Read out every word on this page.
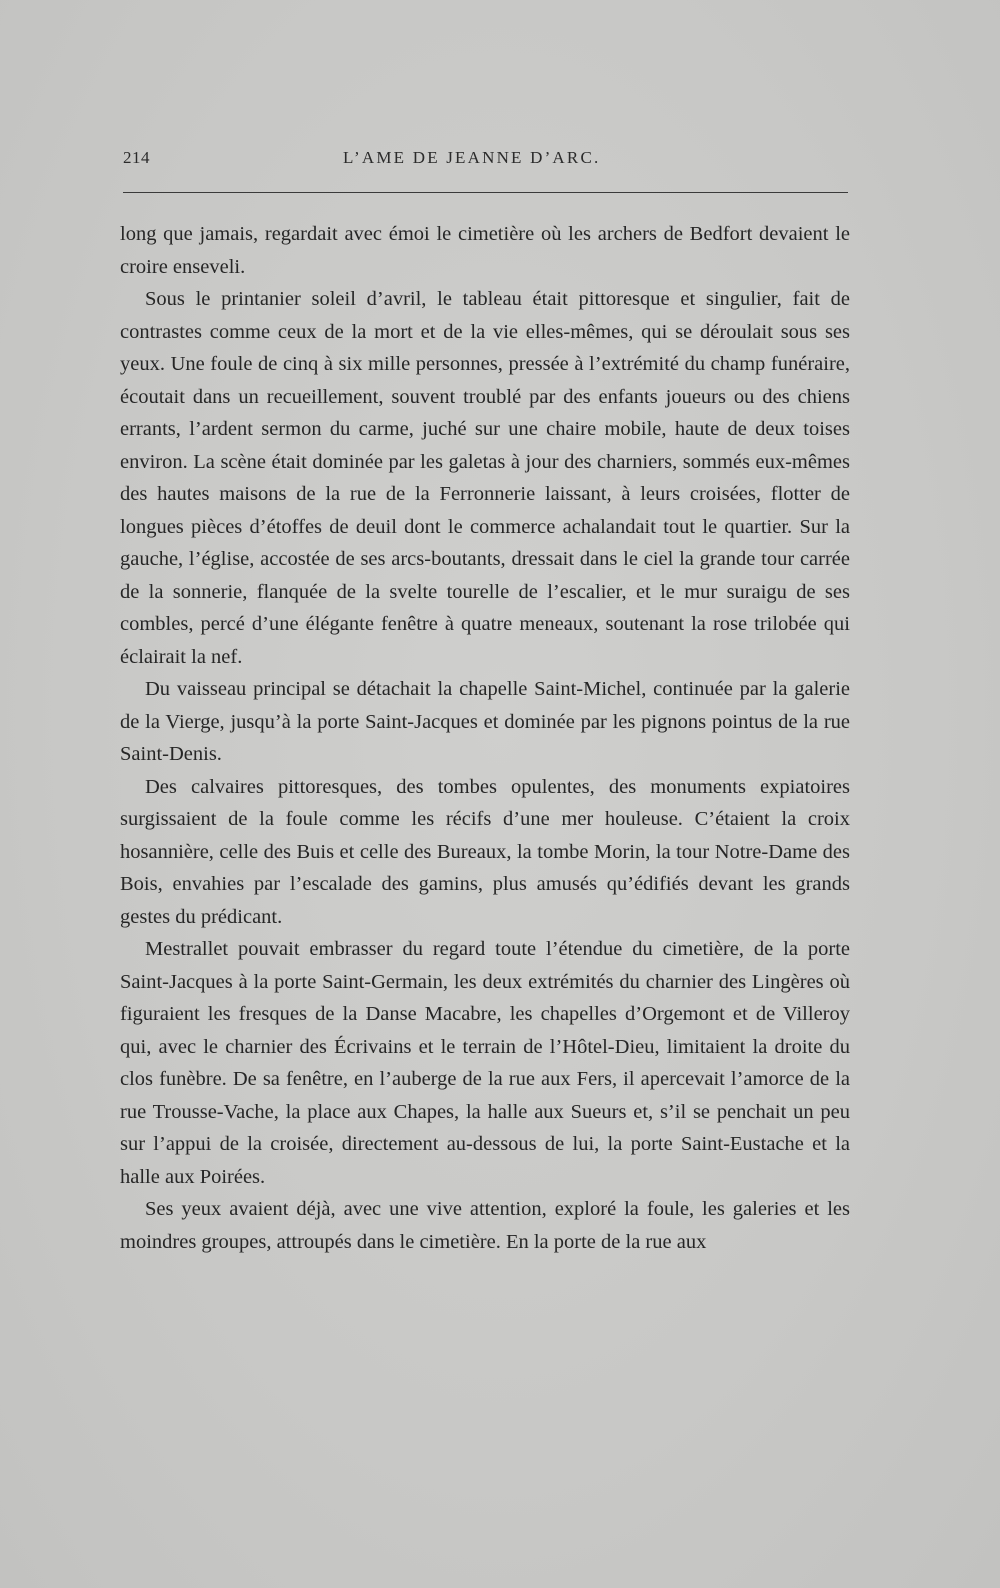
214	L’AME DE JEANNE D’ARC.

long que jamais, regardait avec émoi le cimetière où les archers de Bedfort devaient le croire enseveli.

Sous le printanier soleil d’avril, le tableau était pittoresque et singulier, fait de contrastes comme ceux de la mort et de la vie elles-mêmes, qui se déroulait sous ses yeux. Une foule de cinq à six mille personnes, pressée à l’extrémité du champ funéraire, écoutait dans un recueillement, souvent troublé par des enfants joueurs ou des chiens errants, l’ardent sermon du carme, juché sur une chaire mobile, haute de deux toises environ. La scène était dominée par les galetas à jour des charniers, sommés eux-mêmes des hautes maisons de la rue de la Ferronnerie laissant, à leurs croisées, flotter de longues pièces d’étoffes de deuil dont le commerce achalandait tout le quartier. Sur la gauche, l’église, accostée de ses arcs-boutants, dressait dans le ciel la grande tour carrée de la sonnerie, flanquée de la svelte tourelle de l’escalier, et le mur suraigu de ses combles, percé d’une élégante fenêtre à quatre meneaux, soutenant la rose trilobée qui éclairait la nef.

Du vaisseau principal se détachait la chapelle Saint-Michel, continuée par la galerie de la Vierge, jusqu’à la porte Saint-Jacques et dominée par les pignons pointus de la rue Saint-Denis.

Des calvaires pittoresques, des tombes opulentes, des monuments expiatoires surgissaient de la foule comme les récifs d’une mer houleuse. C’étaient la croix hosannière, celle des Buis et celle des Bureaux, la tombe Morin, la tour Notre-Dame des Bois, envahies par l’escalade des gamins, plus amusés qu’édifiés devant les grands gestes du prédicant.

Mestrallet pouvait embrasser du regard toute l’étendue du cimetière, de la porte Saint-Jacques à la porte Saint-Germain, les deux extrémités du charnier des Lingères où figuraient les fresques de la Danse Macabre, les chapelles d’Orgemont et de Villeroy qui, avec le charnier des Écrivains et le terrain de l’Hôtel-Dieu, limitaient la droite du clos funèbre. De sa fenêtre, en l’auberge de la rue aux Fers, il apercevait l’amorce de la rue Trousse-Vache, la place aux Chapes, la halle aux Sueurs et, s’il se penchait un peu sur l’appui de la croisée, directement au-dessous de lui, la porte Saint-Eustache et la halle aux Poirées.

Ses yeux avaient déjà, avec une vive attention, exploré la foule, les galeries et les moindres groupes, attroupés dans le cimetière. En la porte de la rue aux
